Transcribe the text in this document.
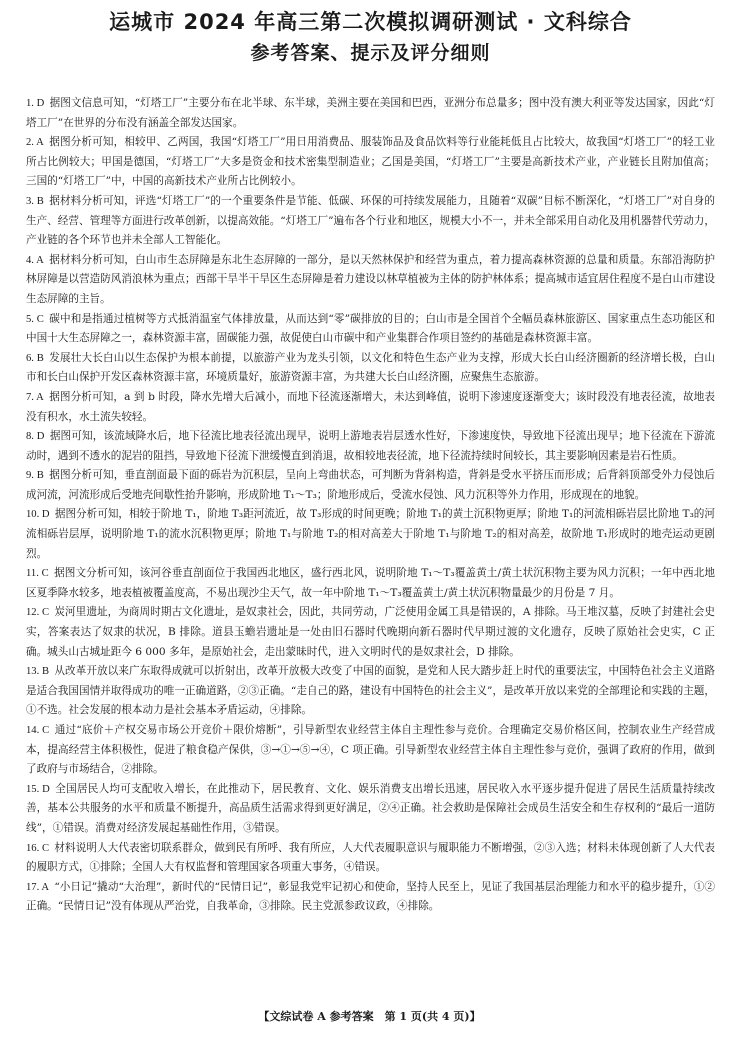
运城市 2024 年高三第二次模拟调研测试 · 文科综合
参考答案、提示及评分细则

1. D  据图文信息可知，“灯塔工厂”主要分布在北半球、东半球，美洲主要在美国和巴西，亚洲分布总量多；图中没有澳大利亚等发达国家，因此“灯塔工厂”在世界的分布没有涵盖全部发达国家。

2. A  据图分析可知，相较甲、乙两国，我国“灯塔工厂”用日用消费品、服装饰品及食品饮料等行业能耗低且占比较大，故我国“灯塔工厂”的轻工业所占比例较大；甲国是德国，“灯塔工厂”大多是资金和技术密集型制造业；乙国是美国，“灯塔工厂”主要是高新技术产业，产业链长且附加值高；三国的“灯塔工厂”中，中国的高新技术产业所占比例较小。

3. B  据材料分析可知，评选“灯塔工厂”的一个重要条件是节能、低碳、环保的可持续发展能力，且随着“双碳”目标不断深化，“灯塔工厂”对自身的生产、经营、管理等方面进行改革创新，以提高效能。“灯塔工厂”遍布各个行业和地区，规模大小不一，并未全部采用自动化及用机器替代劳动力，产业链的各个环节也并未全部人工智能化。

4. A  据材料分析可知，白山市生态屏障是东北生态屏障的一部分，是以天然林保护和经营为重点，着力提高森林资源的总量和质量。东部沿海防护林屏障是以营造防风消浪林为重点；西部干旱半干旱区生态屏障是着力建设以林草植被为主体的防护林体系；提高城市适宜居住程度不是白山市建设生态屏障的主旨。

5. C  碳中和是指通过植树等方式抵消温室气体排放量，从而达到“零”碳排放的目的；白山市是全国首个全幅员森林旅游区、国家重点生态功能区和中国十大生态屏障之一，森林资源丰富，固碳能力强，故促使白山市碳中和产业集群合作项目签约的基础是森林资源丰富。

6. B  发展壮大长白山以生态保护为根本前提，以旅游产业为龙头引领，以文化和特色生态产业为支撑，形成大长白山经济圈新的经济增长极，白山市和长白山保护开发区森林资源丰富，环境质量好，旅游资源丰富，为共建大长白山经济圈，应聚焦生态旅游。

7. A  据图分析可知，a 到 b 时段，降水先增大后减小，而地下径流逐渐增大，未达到峰值，说明下渗速度逐渐变大；该时段没有地表径流，故地表没有积水，水土流失较轻。

8. D  据图可知，该流域降水后，地下径流比地表径流出现早，说明上游地表岩层透水性好，下渗速度快，导致地下径流出现早；地下径流在下游流动时，遇到不透水的泥岩的阻挡，导致地下径流下泄缓慢直到消退，故相较地表径流，地下径流持续时间较长，其主要影响因素是岩石性质。

9. B  据图分析可知，垂直剖面最下面的砾岩为沉积层，呈向上弯曲状态，可判断为背斜构造，背斜是受水平挤压而形成；后背斜顶部受外力侵蚀后成河流，河流形成后受地壳间歇性抬升影响，形成阶地 T₁～T₃；阶地形成后，受流水侵蚀、风力沉积等外力作用，形成现在的地貌。

10. D  据图分析可知，相较于阶地 T₁，阶地 T₃距河流近，故 T₃形成的时间更晚；阶地 T₁的黄土沉积物更厚；阶地 T₁的河流相砾岩层比阶地 T₃的河流相砾岩层厚，说明阶地 T₁的流水沉积物更厚；阶地 T₁与阶地 T₂的相对高差大于阶地 T₁与阶地 T₂的相对高差，故阶地 T₁形成时的地壳运动更剧烈。

11. C  据图文分析可知，该河谷垂直剖面位于我国西北地区，盛行西北风，说明阶地 T₁～T₃覆盖黄土/黄土状沉积物主要为风力沉积；一年中西北地区夏季降水较多，地表植被覆盖度高，不易出现沙尘天气，故一年中阶地 T₁～T₃覆盖黄土/黄土状沉积物量最少的月份是 7 月。

12. C  炭河里遗址，为商周时期古文化遗址，是奴隶社会，因此，共同劳动，广泛使用金属工具是错误的，A 排除。马王堆汉墓，反映了封建社会史实，答案表达了奴隶的状况，B 排除。道县玉蟾岩遗址是一处由旧石器时代晚期向新石器时代早期过渡的文化遗存，反映了原始社会史实，C 正确。城头山古城址距今 6 000 多年，是原始社会，走出蒙昧时代，进入文明时代的是奴隶社会，D 排除。

13. B  从改革开放以来广东取得成就可以折射出，改革开放极大改变了中国的面貌，是党和人民大踏步赶上时代的重要法宝，中国特色社会主义道路是适合我国国情并取得成功的唯一正确道路，②③正确。“走自己的路，建设有中国特色的社会主义”，是改革开放以来党的全部理论和实践的主题，①不选。社会发展的根本动力是社会基本矛盾运动，④排除。

14. C  通过“底价＋产权交易市场公开竞价＋限价熔断”，引导新型农业经营主体自主理性参与竞价。合理确定交易价格区间，控制农业生产经营成本，提高经营主体积极性，促进了粮食稳产保供，③→①→⑤→④，C 项正确。引导新型农业经营主体自主理性参与竞价，强调了政府的作用，做到了政府与市场结合，②排除。

15. D  全国居民人均可支配收入增长，在此推动下，居民教育、文化、娱乐消费支出增长迅速，居民收入水平逐步提升促进了居民生活质量持续改善，基本公共服务的水平和质量不断提升，高品质生活需求得到更好满足，②④正确。社会救助是保障社会成员生活安全和生存权利的“最后一道防线”，①错误。消费对经济发展起基础性作用，③错误。

16. C  材料说明人大代表密切联系群众，做到民有所呼、我有所应，人大代表履职意识与履职能力不断增强，②③入选；材料未体现创新了人大代表的履职方式，①排除；全国人大有权监督和管理国家各项重大事务，④错误。

17. A  “小日记”撬动“大治理”，新时代的“民情日记”，彰显我党牢记初心和使命，坚持人民至上，见证了我国基层治理能力和水平的稳步提升，①②正确。“民情日记”没有体现从严治党，自我革命，③排除。民主党派参政议政，④排除。

【文综试卷 A 参考答案　第 1 页(共 4 页)】
